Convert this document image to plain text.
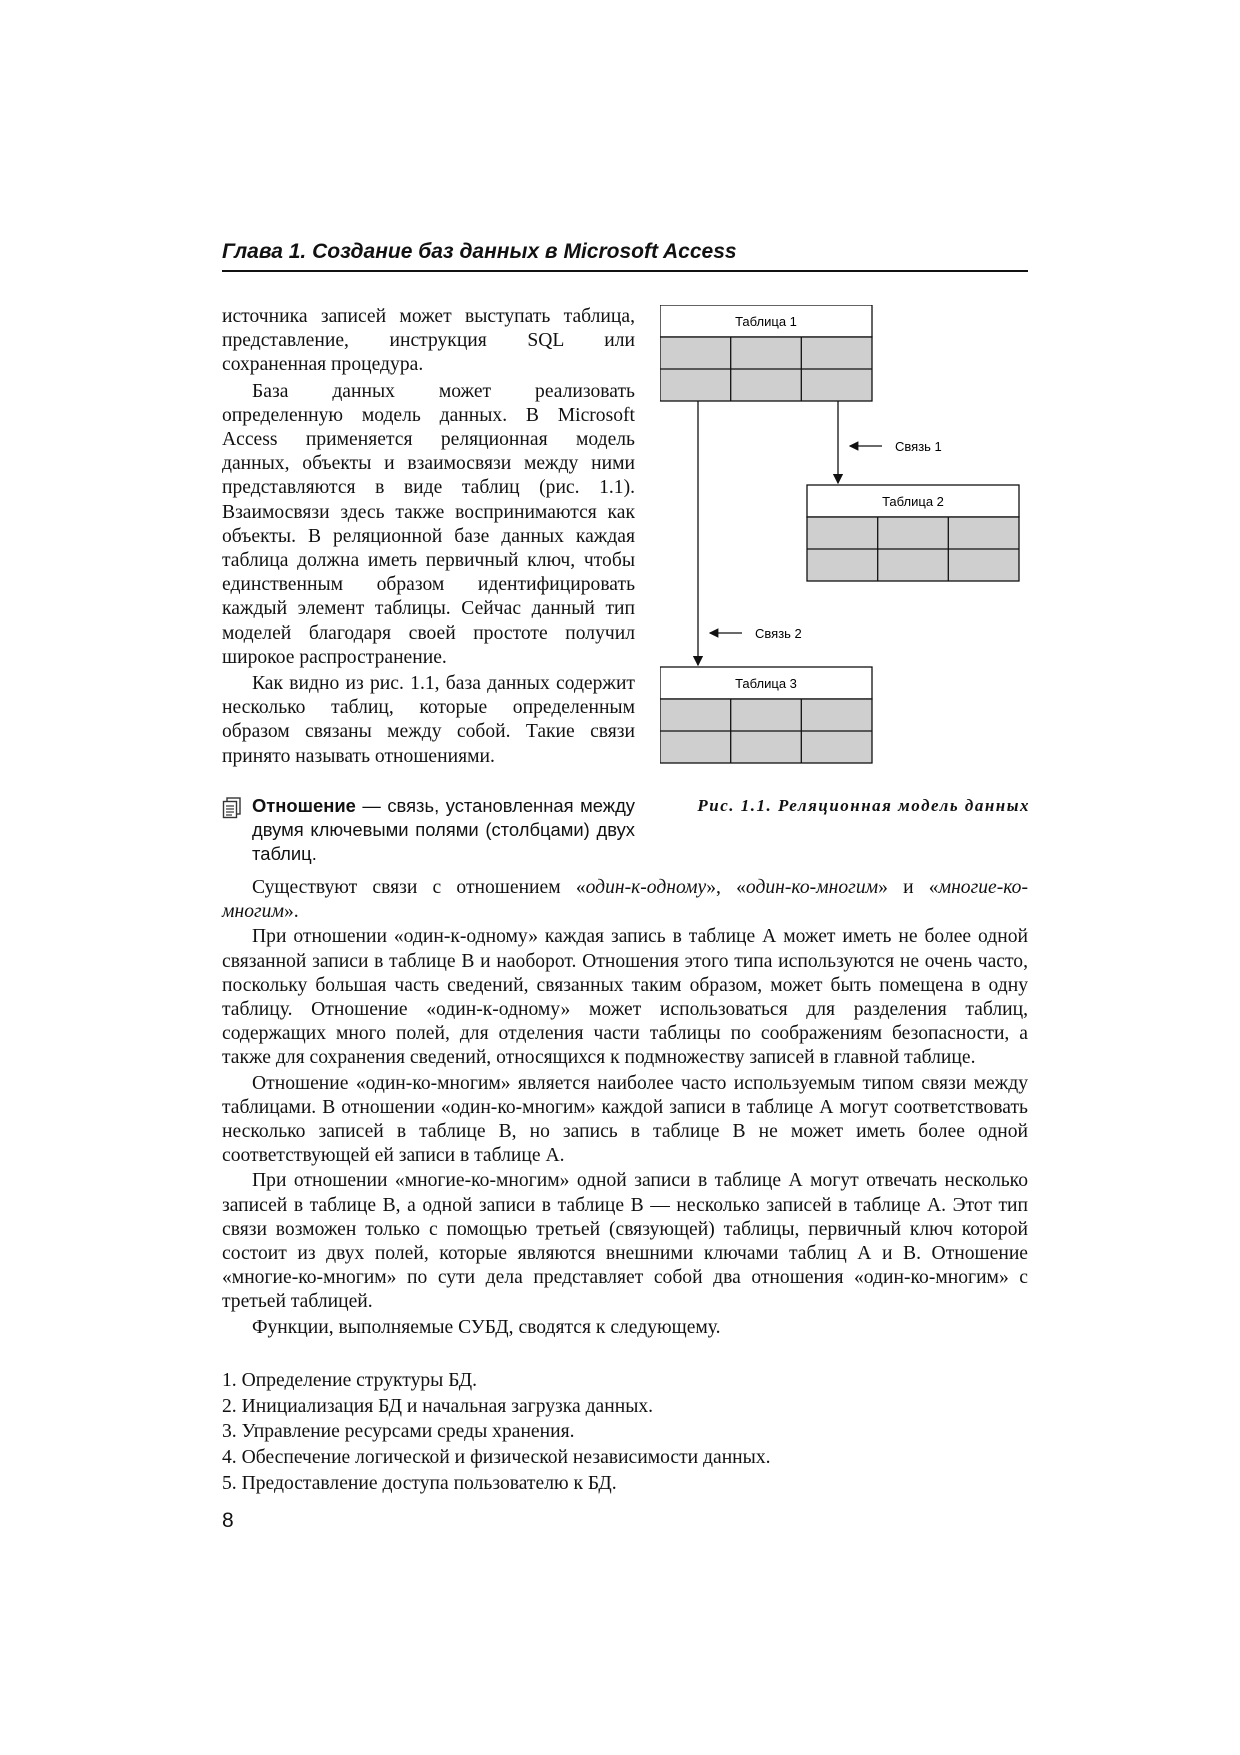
Глава 1. Создание баз данных в Microsoft Access

источника записей может выступать таблица, представление, инструкция SQL или сохраненная процедура.

База данных может реализовать определенную модель данных. В Microsoft Access применяется реляционная модель данных, объекты и взаимосвязи между ними представляются в виде таблиц (рис. 1.1). Взаимосвязи здесь также воспринимаются как объекты. В реляционной базе данных каждая таблица должна иметь первичный ключ, чтобы единственным образом идентифицировать каждый элемент таблицы. Сейчас данный тип моделей благодаря своей простоте получил широкое распространение.

Как видно из рис. 1.1, база данных содержит несколько таблиц, которые определенным образом связаны между собой. Такие связи принято называть отношениями.

Отношение — связь, установленная между двумя ключевыми полями (столбцами) двух таблиц.
Таблица 1
Таблица 2
Таблица 3
Связь 1
Связь 2
Рис. 1.1. Реляционная модель данных

Существуют связи с отношением «один-к-одному», «один-ко-многим» и «многие-ко-многим».

При отношении «один-к-одному» каждая запись в таблице А может иметь не более одной связанной записи в таблице В и наоборот. Отношения этого типа используются не очень часто, поскольку большая часть сведений, связанных таким образом, может быть помещена в одну таблицу. Отношение «один-к-одному» может использоваться для разделения таблиц, содержащих много полей, для отделения части таблицы по соображениям безопасности, а также для сохранения сведений, относящихся к подмножеству записей в главной таблице.

Отношение «один-ко-многим» является наиболее часто используемым типом связи между таблицами. В отношении «один-ко-многим» каждой записи в таблице А могут соответствовать несколько записей в таблице В, но запись в таблице В не может иметь более одной соответствующей ей записи в таблице А.

При отношении «многие-ко-многим» одной записи в таблице А могут отвечать несколько записей в таблице В, а одной записи в таблице В — несколько записей в таблице А. Этот тип связи возможен только с помощью третьей (связующей) таблицы, первичный ключ которой состоит из двух полей, которые являются внешними ключами таблиц А и В. Отношение «многие-ко-многим» по сути дела представляет собой два отношения «один-ко-многим» с третьей таблицей.

Функции, выполняемые СУБД, сводятся к следующему.

1. Определение структуры БД.
2. Инициализация БД и начальная загрузка данных.
3. Управление ресурсами среды хранения.
4. Обеспечение логической и физической независимости данных.
5. Предоставление доступа пользователю к БД.
8
